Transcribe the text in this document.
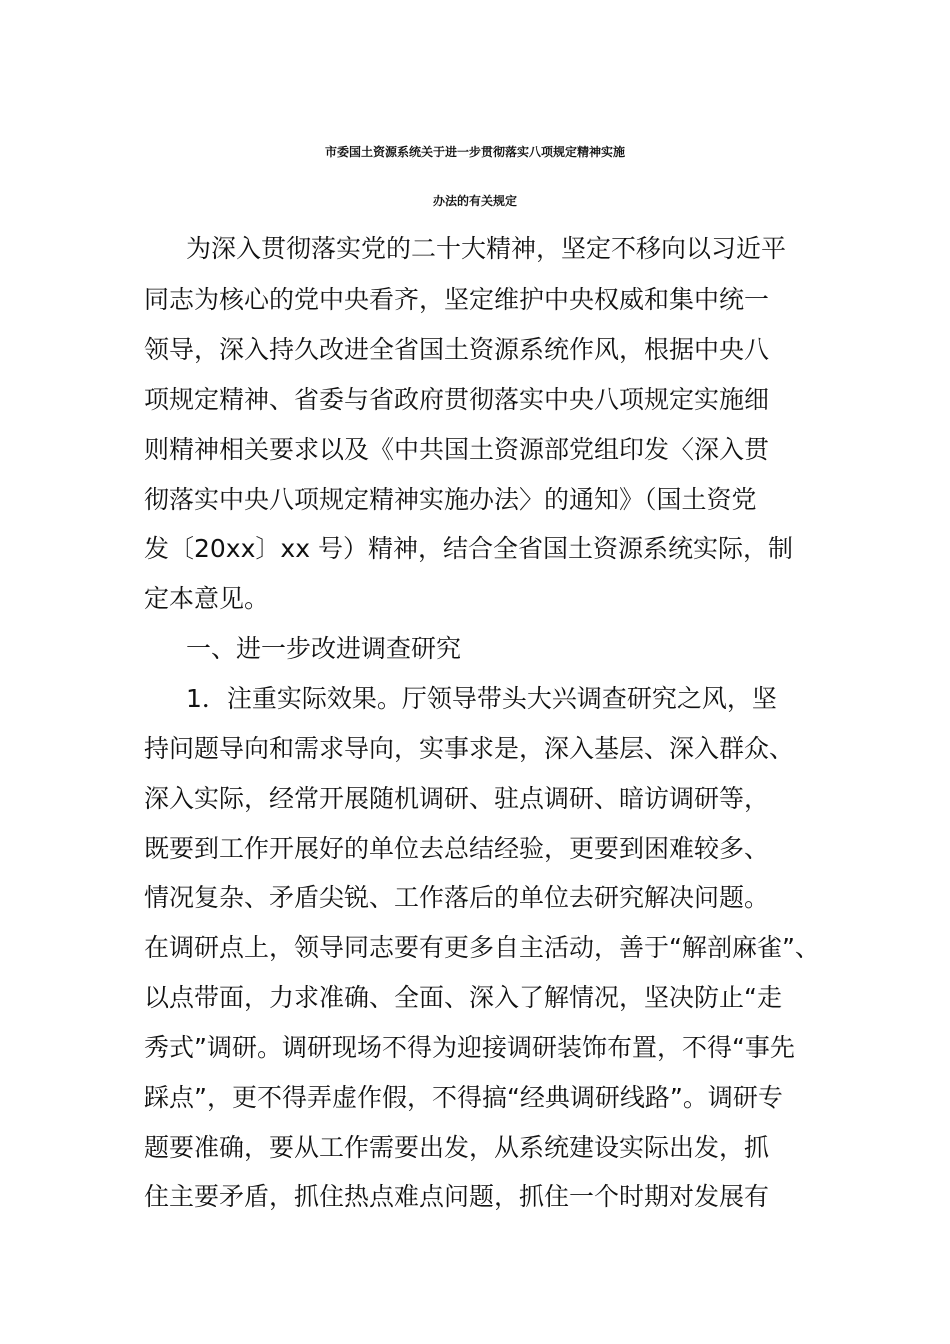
市委国土资源系统关于进一步贯彻落实八项规定精神实施
办法的有关规定
为深入贯彻落实党的二十大精神，坚定不移向以习近平
同志为核心的党中央看齐，坚定维护中央权威和集中统一
领导，深入持久改进全省国土资源系统作风，根据中央八
项规定精神、省委与省政府贯彻落实中央八项规定实施细
则精神相关要求以及《中共国土资源部党组印发〈深入贯
彻落实中央八项规定精神实施办法〉的通知》（国土资党
发〔20xx〕xx 号）精神，结合全省国土资源系统实际，制
定本意见。
一、进一步改进调查研究
1．注重实际效果。厅领导带头大兴调查研究之风，坚
持问题导向和需求导向，实事求是，深入基层、深入群众、
深入实际，经常开展随机调研、驻点调研、暗访调研等，
既要到工作开展好的单位去总结经验，更要到困难较多、
情况复杂、矛盾尖锐、工作落后的单位去研究解决问题。
在调研点上，领导同志要有更多自主活动，善于“解剖麻雀”、
以点带面，力求准确、全面、深入了解情况，坚决防止“走
秀式”调研。调研现场不得为迎接调研装饰布置，不得“事先
踩点”，更不得弄虚作假，不得搞“经典调研线路”。调研专
题要准确，要从工作需要出发，从系统建设实际出发，抓
住主要矛盾，抓住热点难点问题，抓住一个时期对发展有
